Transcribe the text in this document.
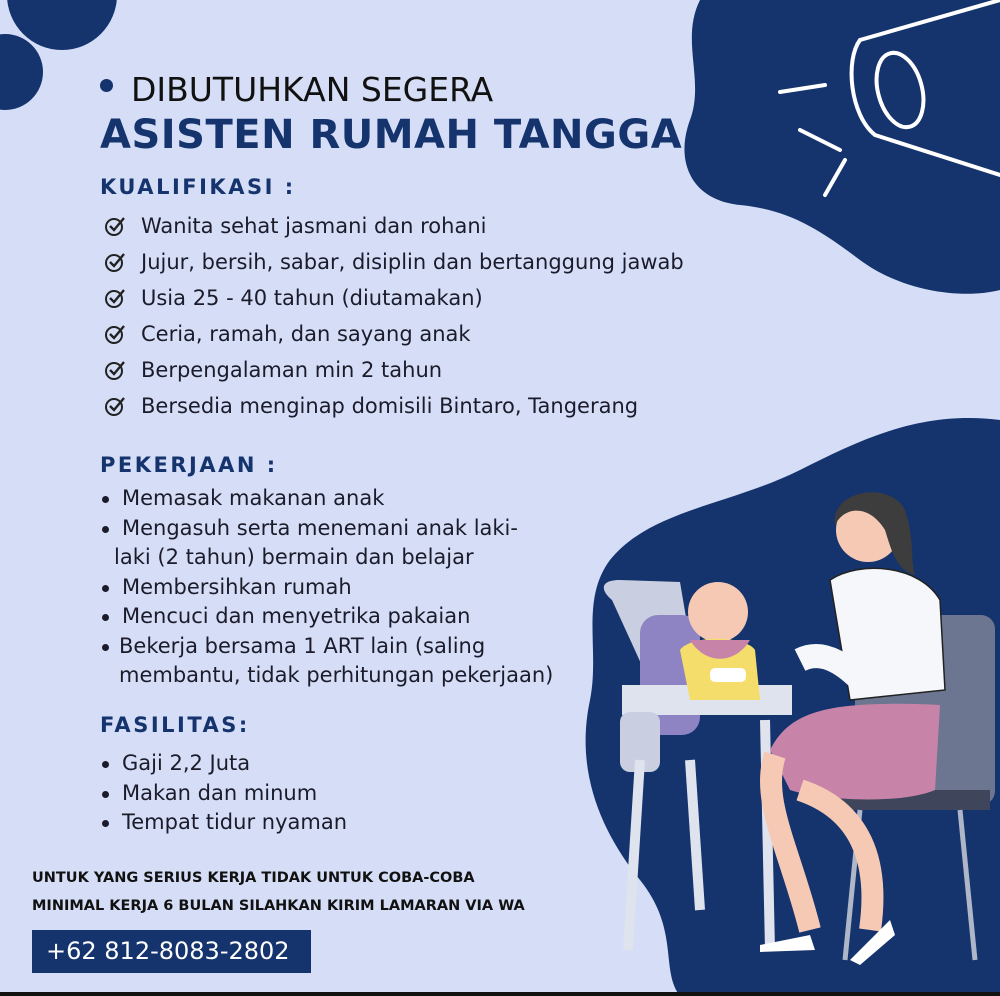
DIBUTUHKAN SEGERA
ASISTEN RUMAH TANGGA
KUALIFIKASI :
Wanita sehat jasmani dan rohani
Jujur, bersih, sabar, disiplin dan bertanggung jawab
Usia 25 - 40 tahun (diutamakan)
Ceria, ramah, dan sayang anak
Berpengalaman min 2 tahun
Bersedia menginap domisili Bintaro, Tangerang
PEKERJAAN :
Memasak makanan anak
Mengasuh serta menemani anak laki-
laki (2 tahun) bermain dan belajar
Membersihkan rumah
Mencuci dan menyetrika pakaian
Bekerja bersama 1 ART lain (saling
membantu, tidak perhitungan pekerjaan)
FASILITAS:
Gaji 2,2 Juta
Makan dan minum
Tempat tidur nyaman
UNTUK YANG SERIUS KERJA TIDAK UNTUK COBA-COBA
MINIMAL KERJA 6 BULAN SILAHKAN KIRIM LAMARAN VIA WA
+62 812-8083-2802
